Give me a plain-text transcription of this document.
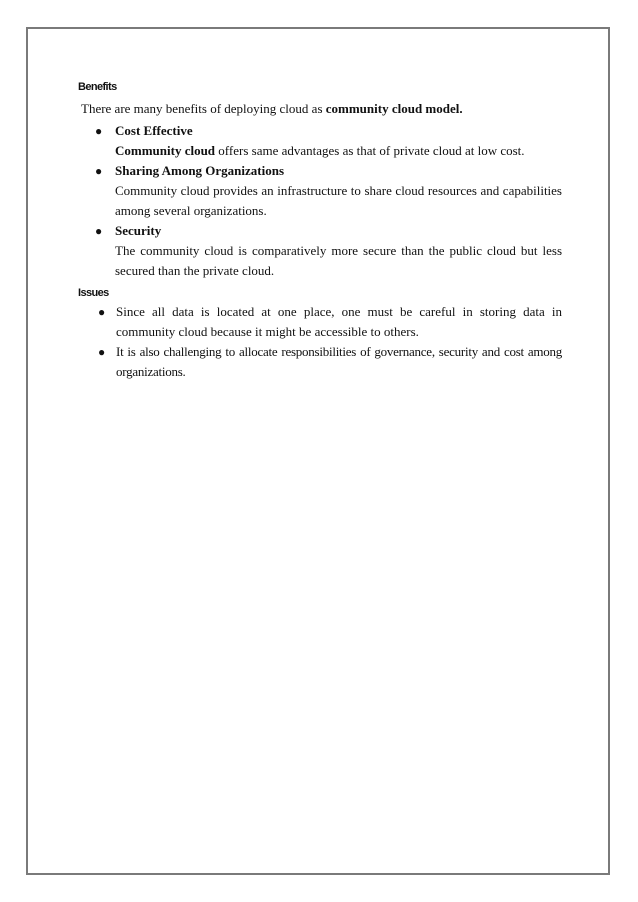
Benefits

There are many benefits of deploying cloud as community cloud model.

● Cost Effective
Community cloud offers same advantages as that of private cloud at low cost.
● Sharing Among Organizations
Community cloud provides an infrastructure to share cloud resources and capabilities among several organizations.
● Security
The community cloud is comparatively more secure than the public cloud but less secured than the private cloud.

Issues

● Since all data is located at one place, one must be careful in storing data in community cloud because it might be accessible to others.
● It is also challenging to allocate responsibilities of governance, security and cost among organizations.
